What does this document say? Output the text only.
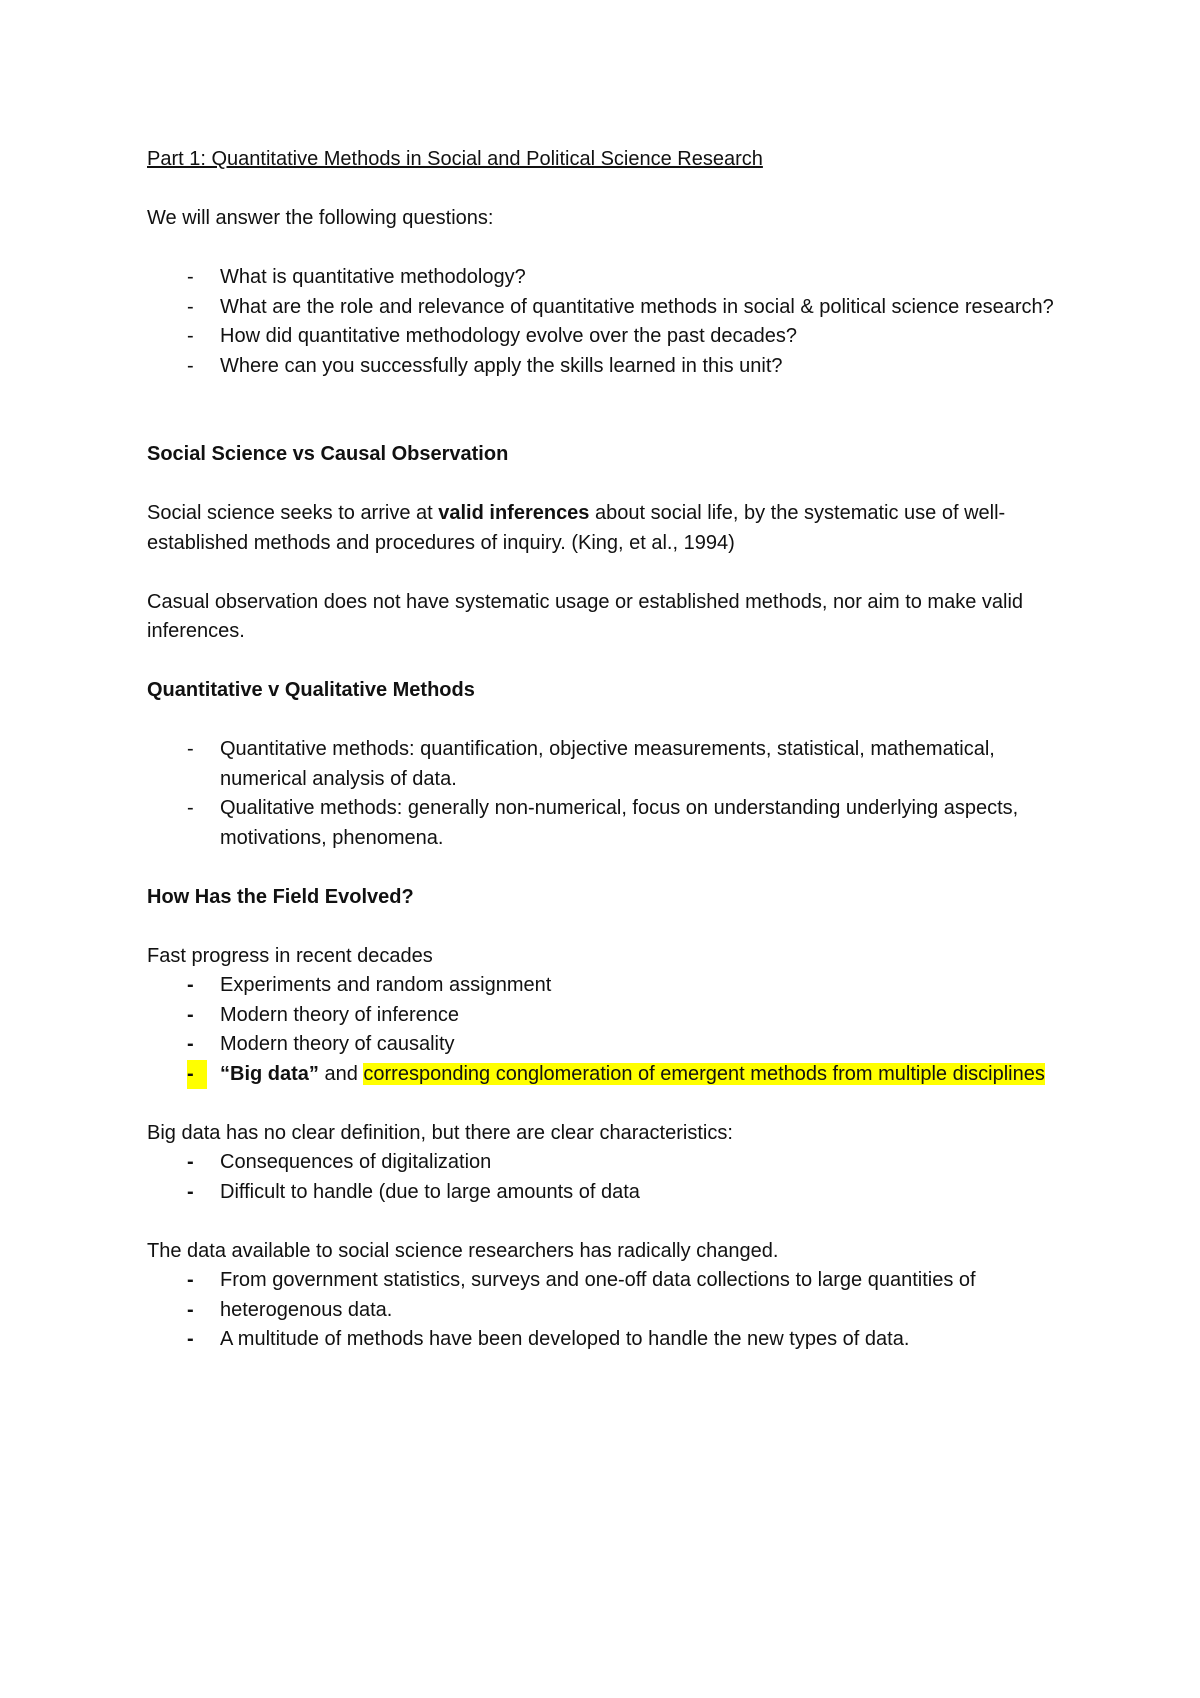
Part 1: Quantitative Methods in Social and Political Science Research

We will answer the following questions:

-	What is quantitative methodology?
-	What are the role and relevance of quantitative methods in social & political science research?
-	How did quantitative methodology evolve over the past decades?
-	Where can you successfully apply the skills learned in this unit?

Social Science vs Causal Observation

Social science seeks to arrive at valid inferences about social life, by the systematic use of well- established methods and procedures of inquiry. (King, et al., 1994)

Casual observation does not have systematic usage or established methods, nor aim to make valid inferences.

Quantitative v Qualitative Methods

-	Quantitative methods: quantification, objective measurements, statistical, mathematical, numerical analysis of data.
-	Qualitative methods: generally non-numerical, focus on understanding underlying aspects, motivations, phenomena.

How Has the Field Evolved?

Fast progress in recent decades

-	Experiments and random assignment
-	Modern theory of inference
-	Modern theory of causality
-	“Big data” and corresponding conglomeration of emergent methods from multiple disciplines

Big data has no clear definition, but there are clear characteristics:

-	Consequences of digitalization
-	Difficult to handle (due to large amounts of data

The data available to social science researchers has radically changed.

-	From government statistics, surveys and one-off data collections to large quantities of
-	heterogenous data.
-	A multitude of methods have been developed to handle the new types of data.
